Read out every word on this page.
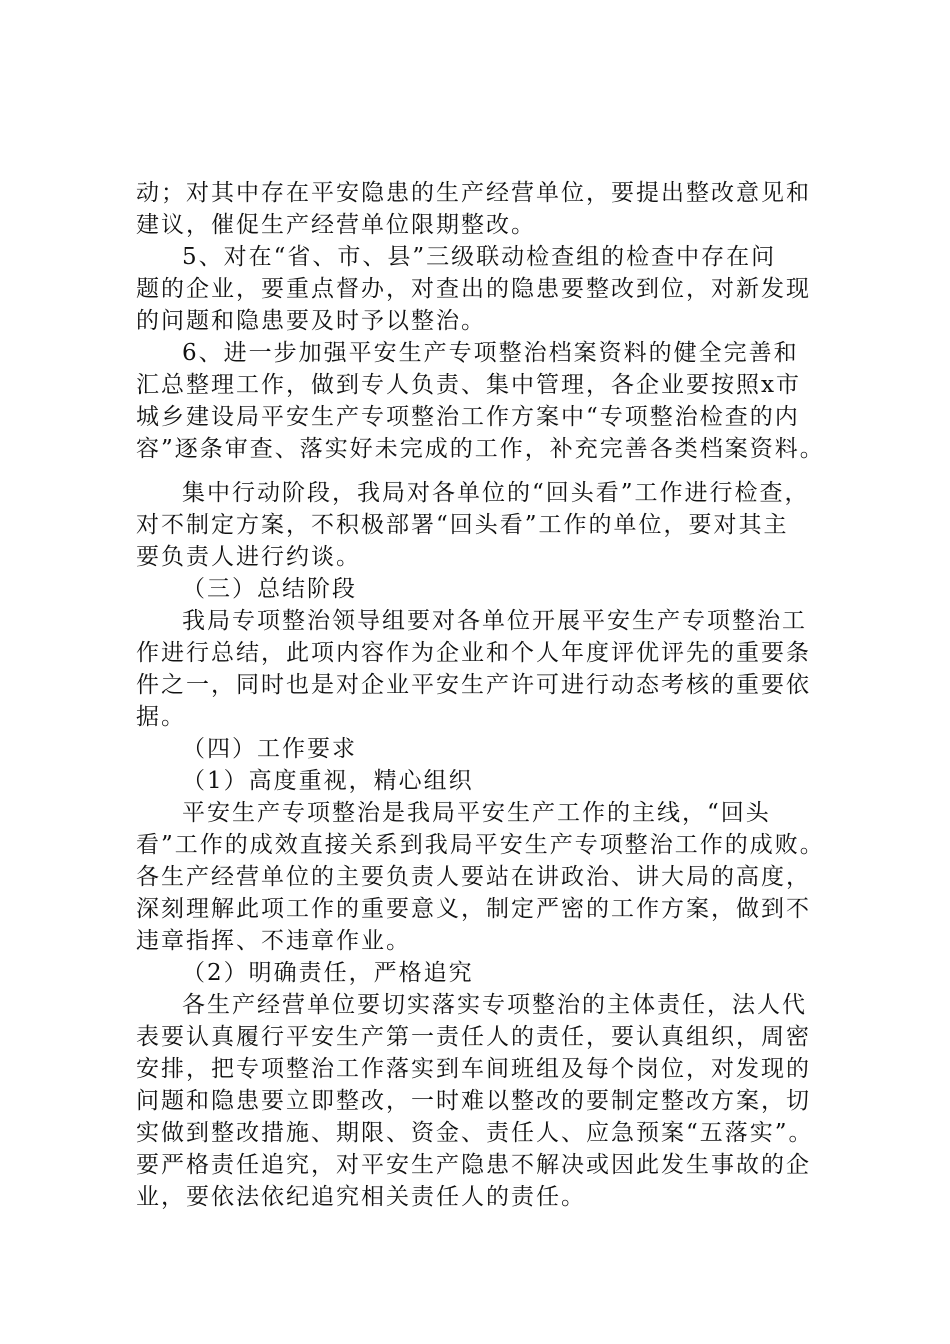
动；对其中存在平安隐患的生产经营单位，要提出整改意见和
建议，催促生产经营单位限期整改。
5、对在“省、市、县”三级联动检查组的检查中存在问
题的企业，要重点督办，对查出的隐患要整改到位，对新发现
的问题和隐患要及时予以整治。
6、进一步加强平安生产专项整治档案资料的健全完善和
汇总整理工作，做到专人负责、集中管理，各企业要按照x市
城乡建设局平安生产专项整治工作方案中“专项整治检查的内
容”逐条审查、落实好未完成的工作，补充完善各类档案资料。
集中行动阶段，我局对各单位的“回头看”工作进行检查，
对不制定方案，不积极部署“回头看”工作的单位，要对其主
要负责人进行约谈。
（三）总结阶段
我局专项整治领导组要对各单位开展平安生产专项整治工
作进行总结，此项内容作为企业和个人年度评优评先的重要条
件之一，同时也是对企业平安生产许可进行动态考核的重要依
据。
（四）工作要求
（1）高度重视，精心组织
平安生产专项整治是我局平安生产工作的主线，“回头
看”工作的成效直接关系到我局平安生产专项整治工作的成败。
各生产经营单位的主要负责人要站在讲政治、讲大局的高度，
深刻理解此项工作的重要意义，制定严密的工作方案，做到不
违章指挥、不违章作业。
（2）明确责任，严格追究
各生产经营单位要切实落实专项整治的主体责任，法人代
表要认真履行平安生产第一责任人的责任，要认真组织，周密
安排，把专项整治工作落实到车间班组及每个岗位，对发现的
问题和隐患要立即整改，一时难以整改的要制定整改方案，切
实做到整改措施、期限、资金、责任人、应急预案“五落实”。
要严格责任追究，对平安生产隐患不解决或因此发生事故的企
业，要依法依纪追究相关责任人的责任。
